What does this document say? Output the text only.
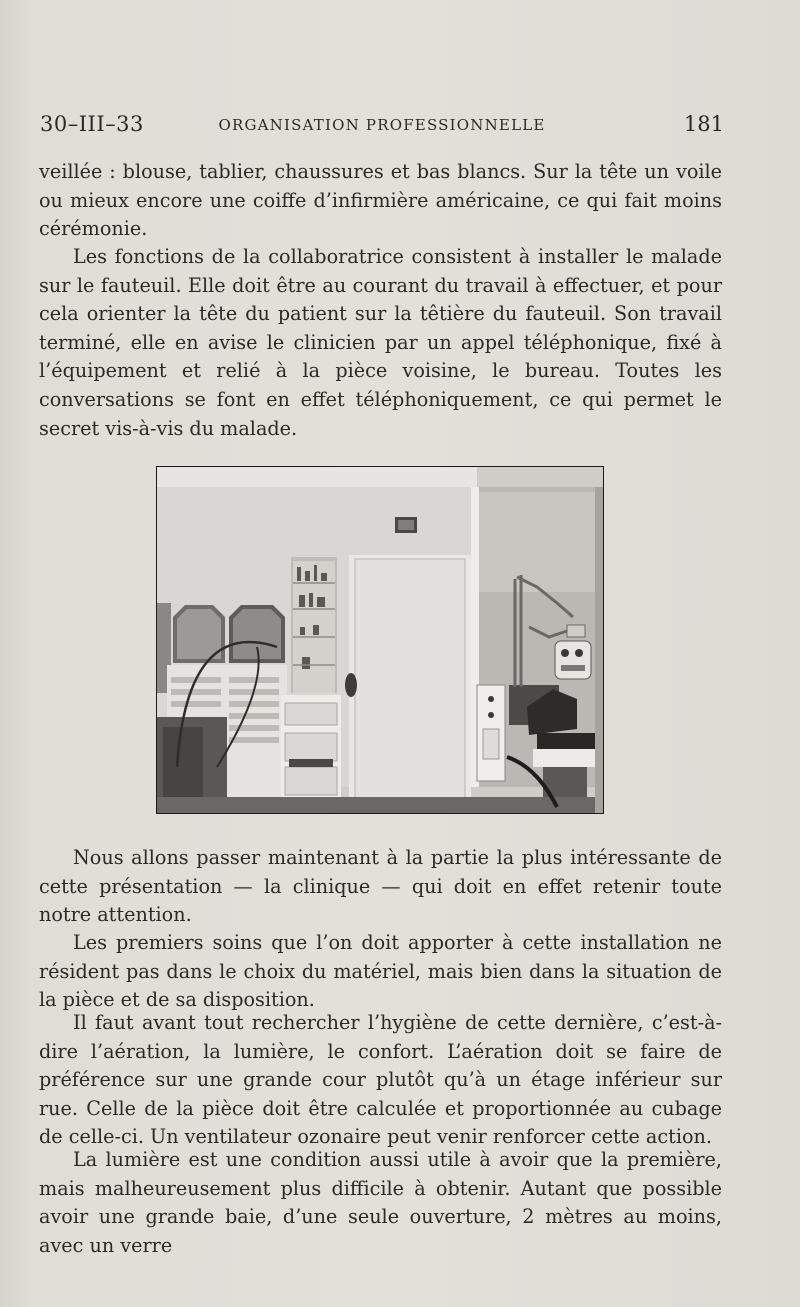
30–III–33	ORGANISATION PROFESSIONNELLE	181

veillée : blouse, tablier, chaussures et bas blancs. Sur la tête un voile ou mieux encore une coiffe d’infirmière américaine, ce qui fait moins cérémonie.

Les fonctions de la collaboratrice consistent à installer le malade sur le fauteuil. Elle doit être au courant du travail à effectuer, et pour cela orienter la tête du patient sur la têtière du fauteuil. Son travail terminé, elle en avise le clinicien par un appel téléphonique, fixé à l’équipement et relié à la pièce voisine, le bureau. Toutes les conversations se font en effet téléphoniquement, ce qui permet le secret vis-à-vis du malade.

Nous allons passer maintenant à la partie la plus intéressante de cette présentation — la clinique — qui doit en effet retenir toute notre attention.

Les premiers soins que l’on doit apporter à cette installation ne résident pas dans le choix du matériel, mais bien dans la situation de la pièce et de sa disposition.

Il faut avant tout rechercher l’hygiène de cette dernière, c’est-à-dire l’aération, la lumière, le confort. L’aération doit se faire de préférence sur une grande cour plutôt qu’à un étage inférieur sur rue. Celle de la pièce doit être calculée et proportionnée au cubage de celle-ci. Un ventilateur ozonaire peut venir renforcer cette action.

La lumière est une condition aussi utile à avoir que la première, mais malheureusement plus difficile à obtenir. Autant que possible avoir une grande baie, d’une seule ouverture, 2 mètres au moins, avec un verre
